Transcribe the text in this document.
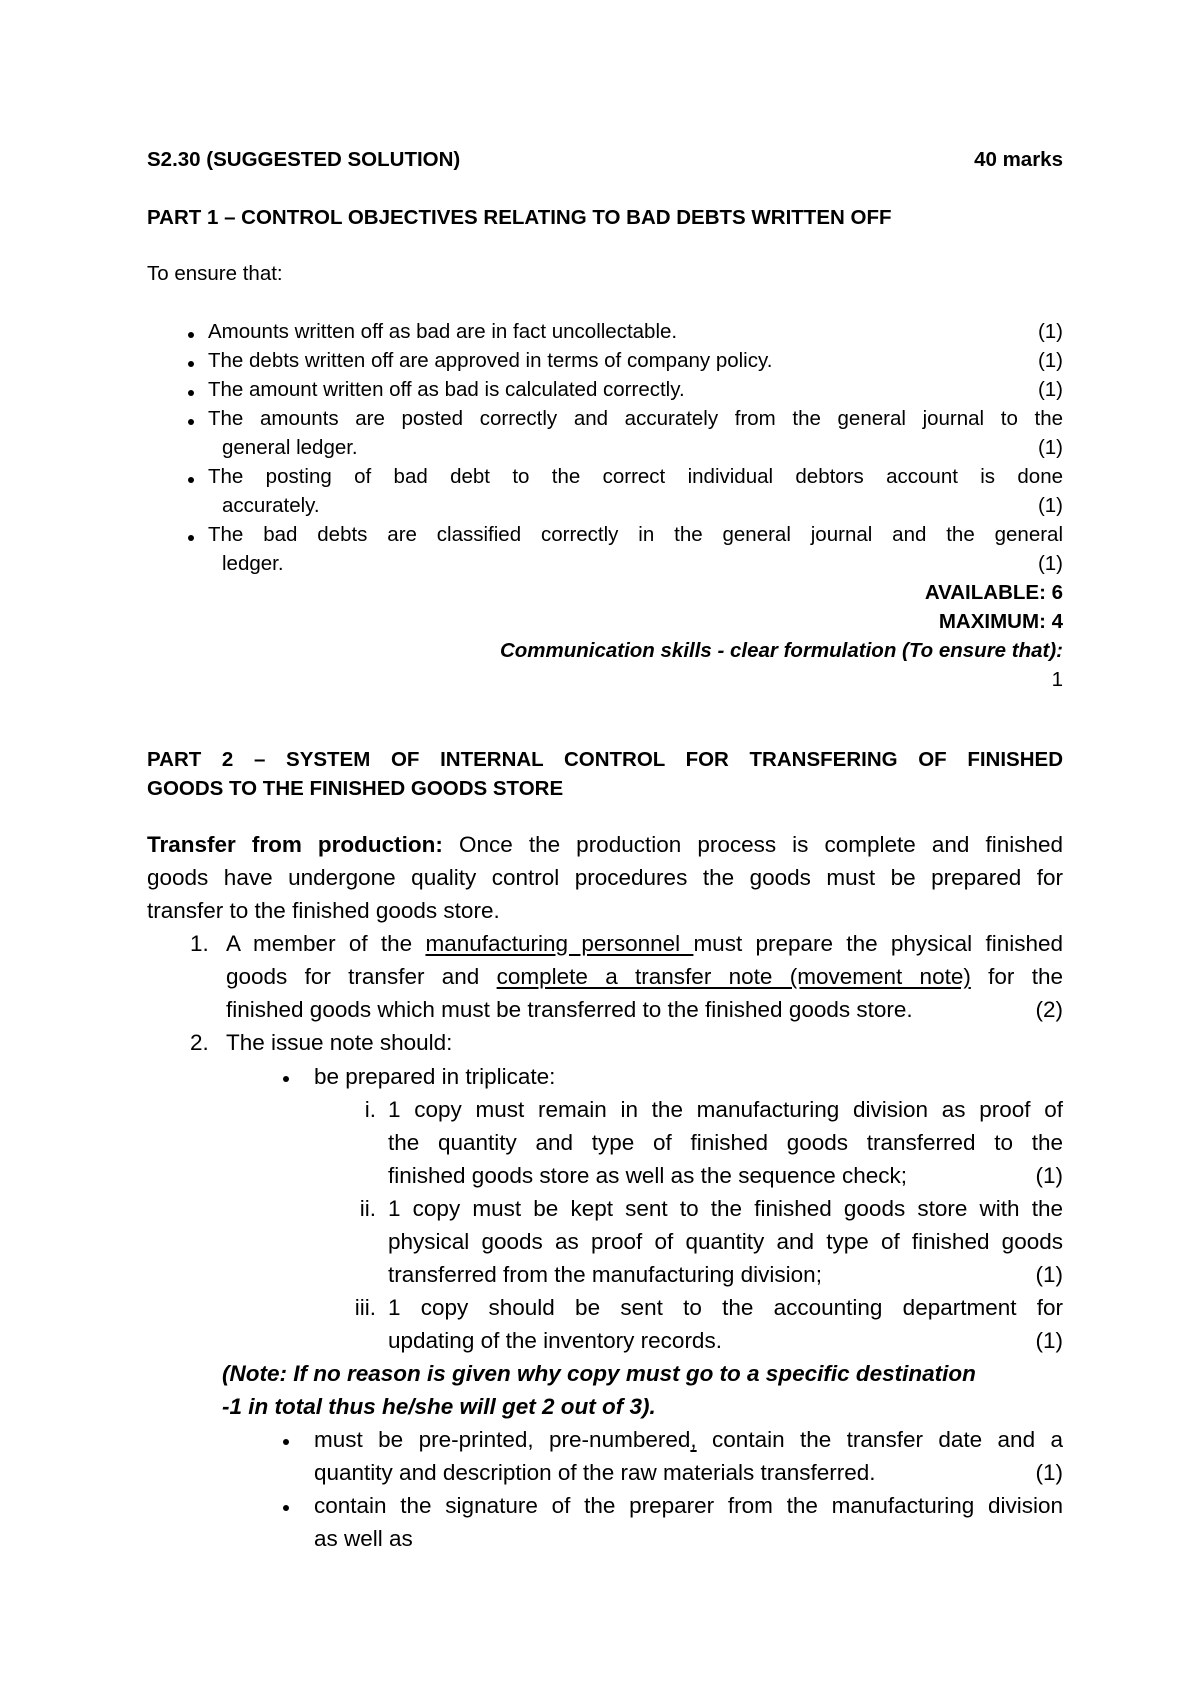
S2.30 (SUGGESTED SOLUTION)	40 marks
PART 1 – CONTROL OBJECTIVES RELATING TO BAD DEBTS WRITTEN OFF
To ensure that:
Amounts written off as bad are in fact uncollectable.	(1)
The debts written off are approved in terms of company policy.	(1)
The amount written off as bad is calculated correctly.	(1)
The amounts are posted correctly and accurately from the general journal to the
general ledger.	(1)
The posting of bad debt to the correct individual debtors account is done
accurately.	(1)
The bad debts are classified correctly in the general journal and the general
ledger.	(1)
AVAILABLE: 6
MAXIMUM: 4
Communication skills - clear formulation (To ensure that):
1
PART 2 – SYSTEM OF INTERNAL CONTROL FOR TRANSFERING OF FINISHED
GOODS TO THE FINISHED GOODS STORE
Transfer from production: Once the production process is complete and finished
goods have undergone quality control procedures the goods must be prepared for
transfer to the finished goods store.
1. A member of the manufacturing personnel must prepare the physical finished
goods for transfer and complete a transfer note (movement note) for the
finished goods which must be transferred to the finished goods store.	(2)
2. The issue note should:
be prepared in triplicate:
i. 1 copy must remain in the manufacturing division as proof of
the quantity and type of finished goods transferred to the
finished goods store as well as the sequence check;	(1)
ii. 1 copy must be kept sent to the finished goods store with the
physical goods as proof of quantity and type of finished goods
transferred from the manufacturing division;	(1)
iii. 1 copy should be sent to the accounting department for
updating of the inventory records.	(1)
(Note: If no reason is given why copy must go to a specific destination
-1 in total thus he/she will get 2 out of 3).
must be pre-printed, pre-numbered, contain the transfer date and a
quantity and description of the raw materials transferred.	(1)
contain the signature of the preparer from the manufacturing division
as well as
